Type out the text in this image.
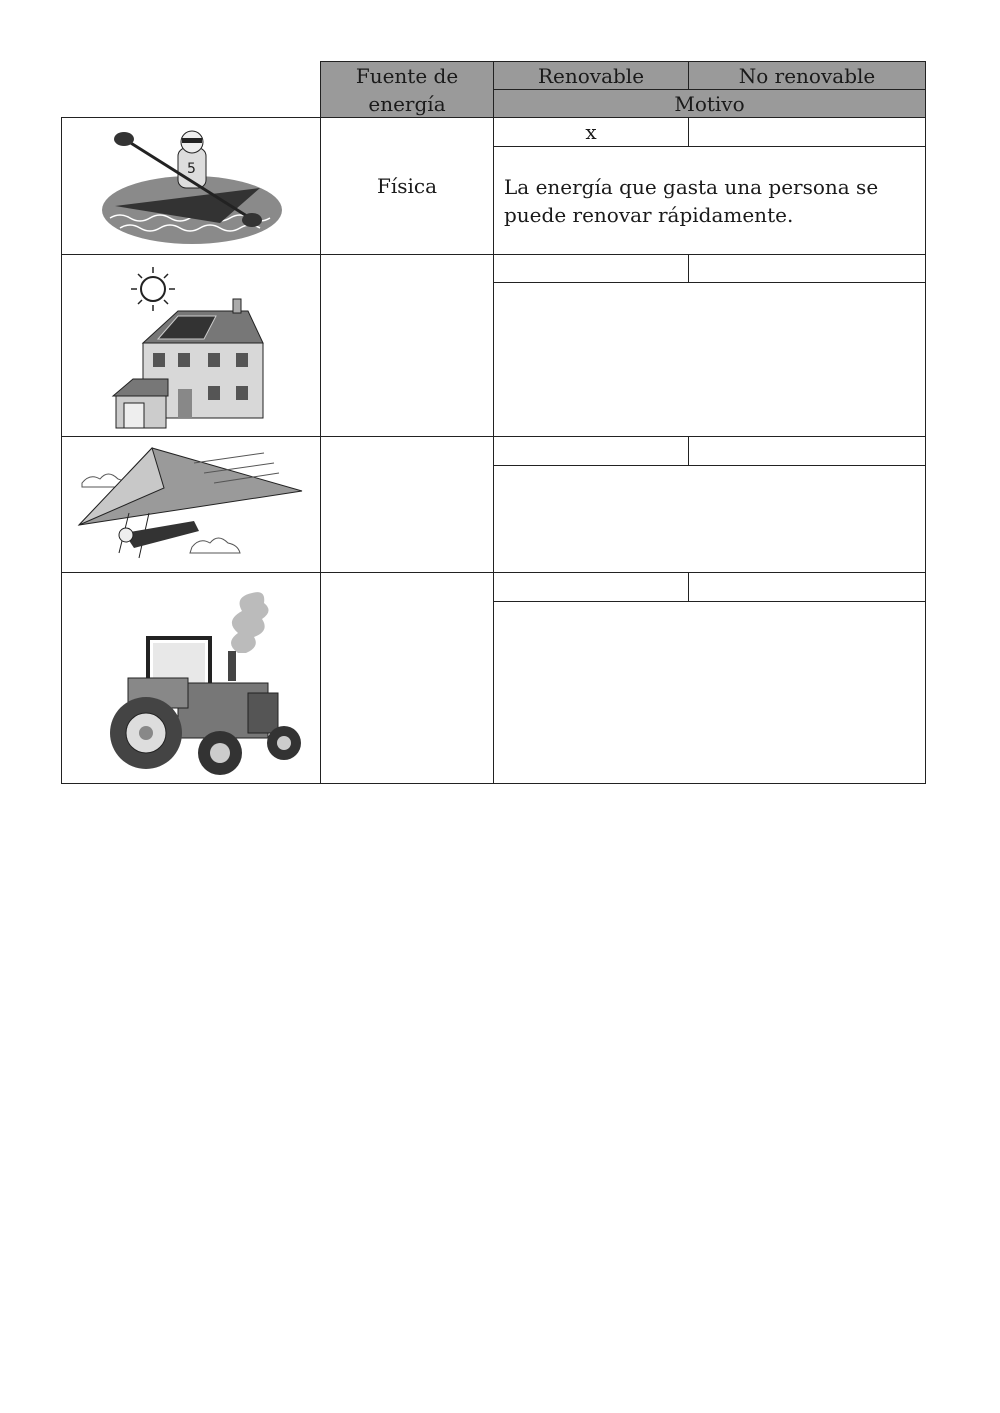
Fuente de energía
Renovable	No renovable
Motivo
5
Física
x
La energía que gasta una persona se puede renovar rápidamente.
